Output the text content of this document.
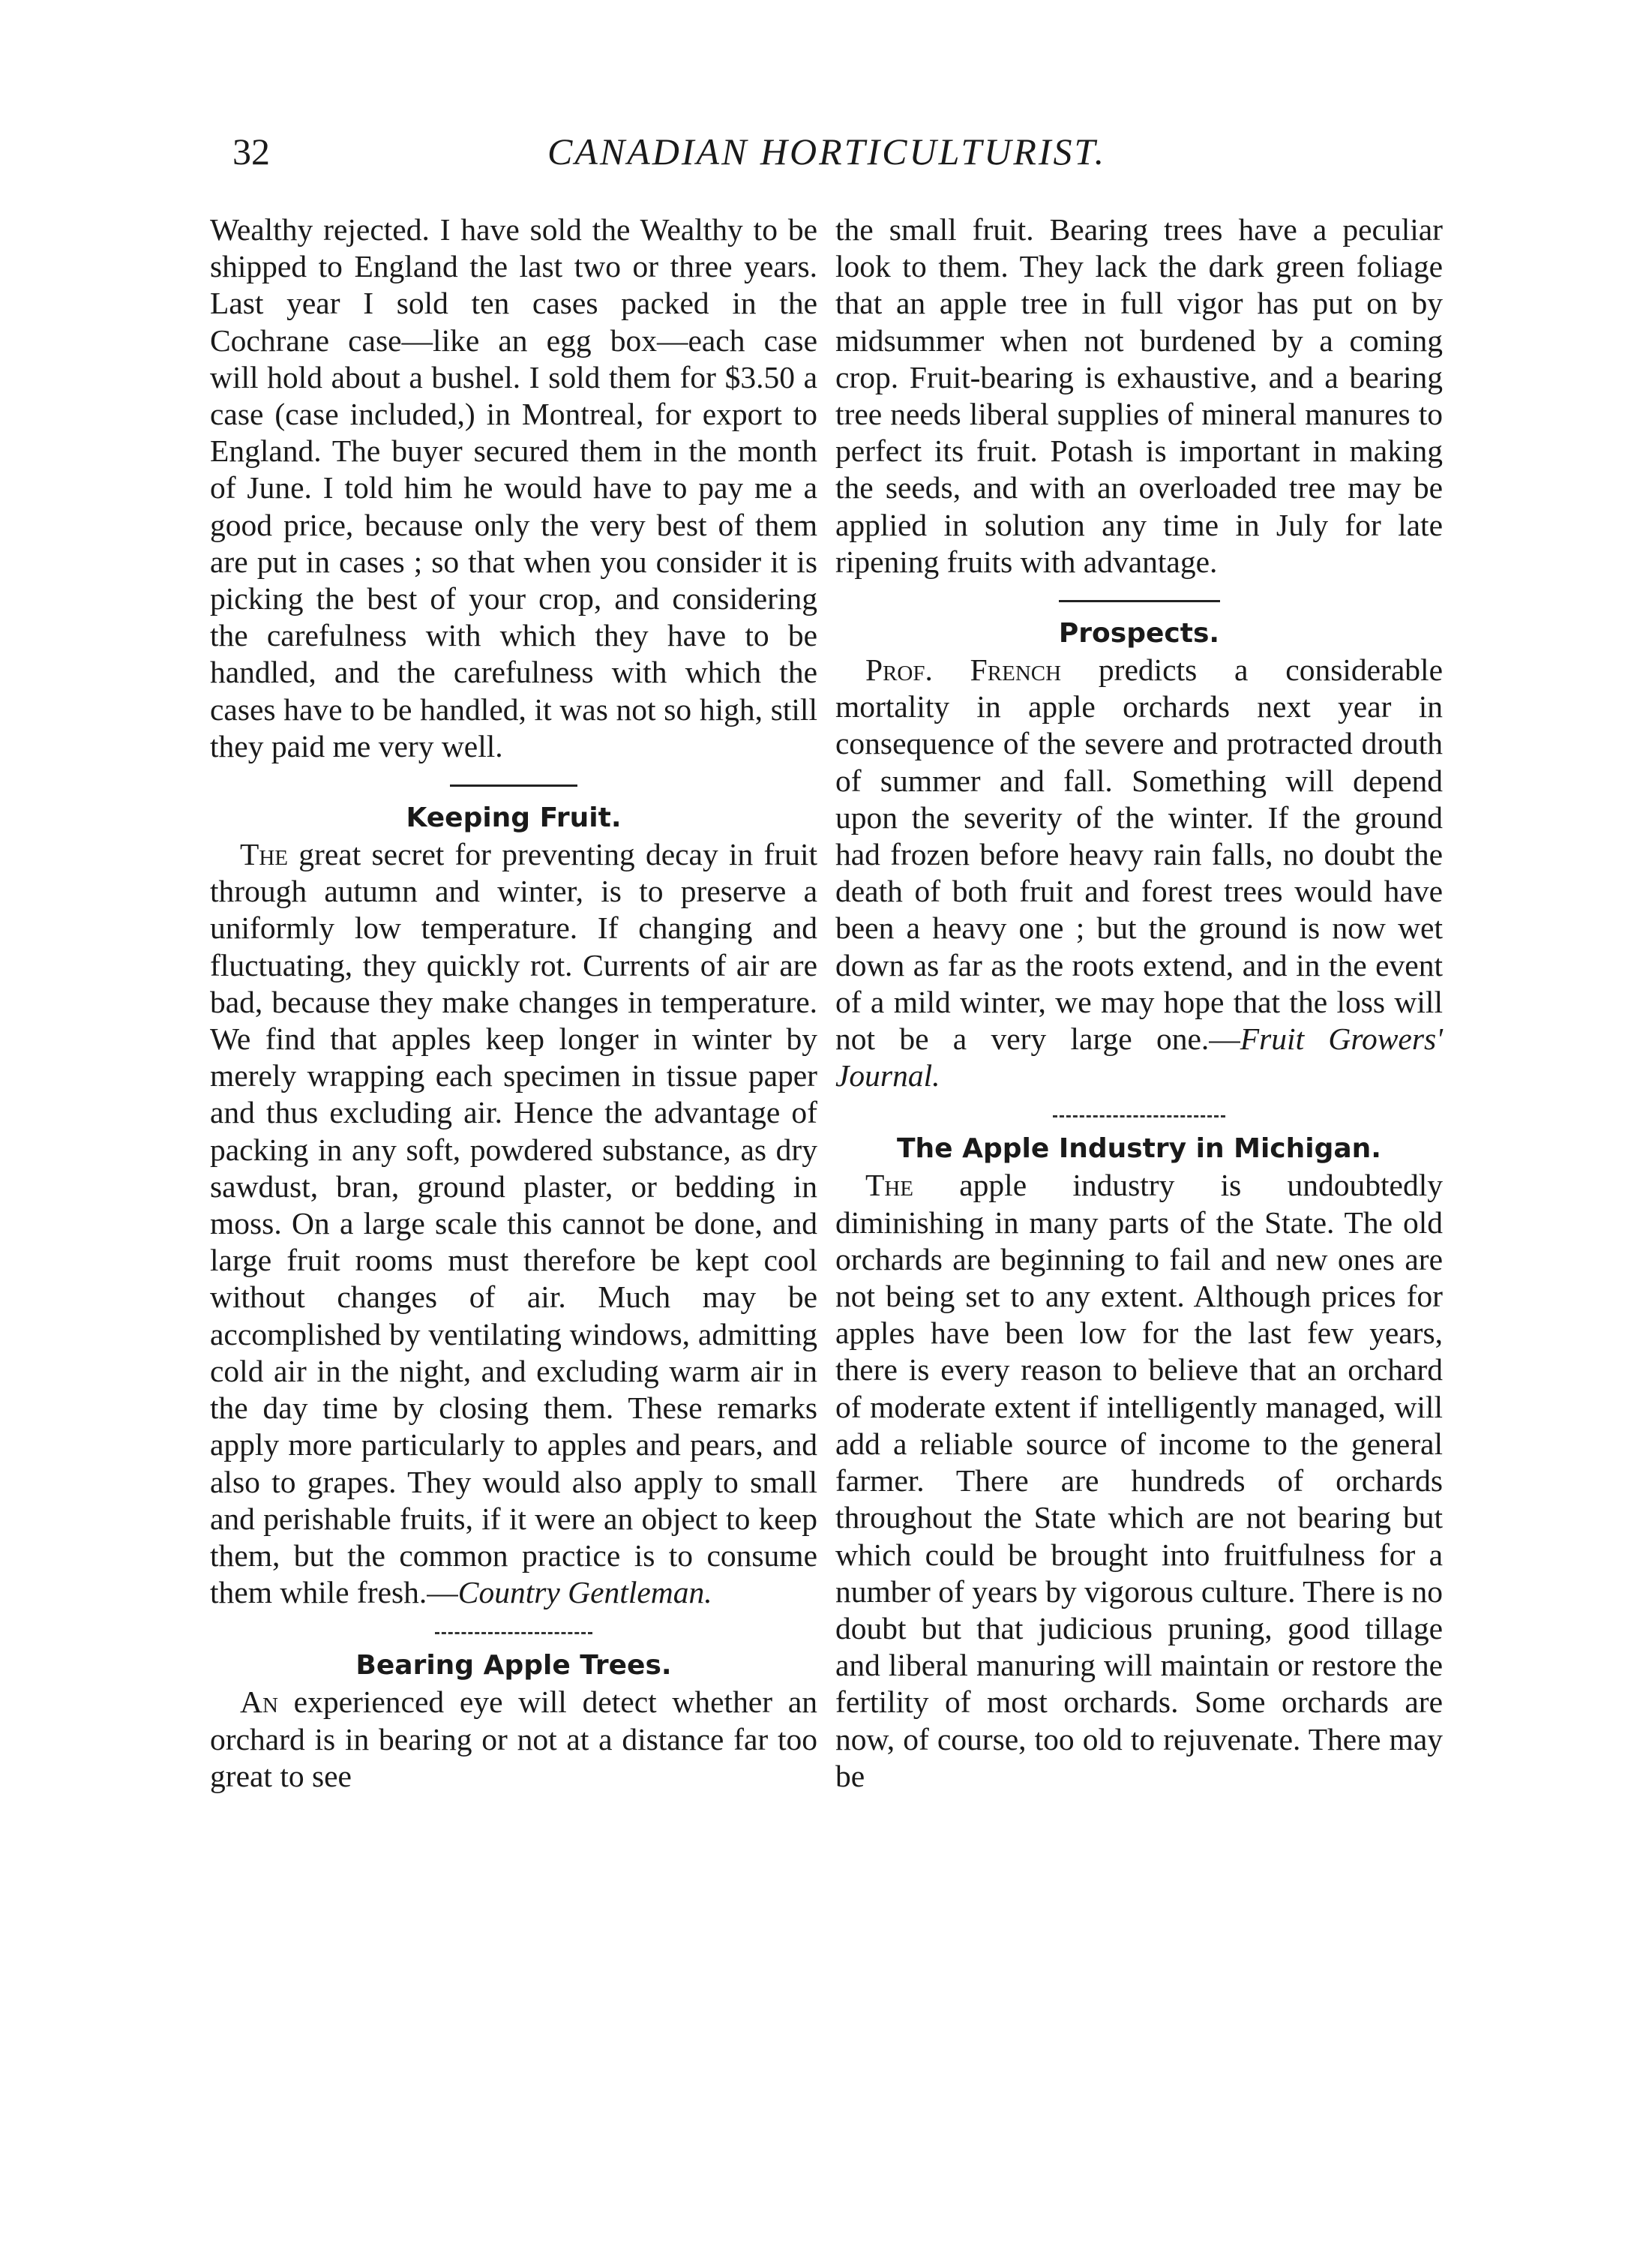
32	CANADIAN HORTICULTURIST.

Wealthy rejected. I have sold the Wealthy to be shipped to England the last two or three years. Last year I sold ten cases packed in the Cochrane case—like an egg box—each case will hold about a bushel. I sold them for $3.50 a case (case included,) in Montreal, for export to England. The buyer secured them in the month of June. I told him he would have to pay me a good price, because only the very best of them are put in cases ; so that when you consider it is picking the best of your crop, and considering the carefulness with which they have to be handled, and the carefulness with which the cases have to be handled, it was not so high, still they paid me very well.

Keeping Fruit.

The great secret for preventing decay in fruit through autumn and winter, is to preserve a uniformly low temperature. If changing and fluctuating, they quickly rot. Currents of air are bad, because they make changes in temperature. We find that apples keep longer in winter by merely wrapping each specimen in tissue paper and thus excluding air. Hence the advantage of packing in any soft, powdered substance, as dry sawdust, bran, ground plaster, or bedding in moss. On a large scale this cannot be done, and large fruit rooms must therefore be kept cool without changes of air. Much may be accomplished by ventilating windows, admitting cold air in the night, and excluding warm air in the day time by closing them. These remarks apply more particularly to apples and pears, and also to grapes. They would also apply to small and perishable fruits, if it were an object to keep them, but the common practice is to consume them while fresh.—Country Gentleman.

Bearing Apple Trees.

An experienced eye will detect whether an orchard is in bearing or not at a distance far too great to see

the small fruit. Bearing trees have a peculiar look to them. They lack the dark green foliage that an apple tree in full vigor has put on by midsummer when not burdened by a coming crop. Fruit-bearing is exhaustive, and a bearing tree needs liberal supplies of mineral manures to perfect its fruit. Potash is important in making the seeds, and with an overloaded tree may be applied in solution any time in July for late ripening fruits with advantage.

Prospects.

Prof. French predicts a considerable mortality in apple orchards next year in consequence of the severe and protracted drouth of summer and fall. Something will depend upon the severity of the winter. If the ground had frozen before heavy rain falls, no doubt the death of both fruit and forest trees would have been a heavy one ; but the ground is now wet down as far as the roots extend, and in the event of a mild winter, we may hope that the loss will not be a very large one.—Fruit Growers' Journal.

The Apple Industry in Michigan.

The apple industry is undoubtedly diminishing in many parts of the State. The old orchards are beginning to fail and new ones are not being set to any extent. Although prices for apples have been low for the last few years, there is every reason to believe that an orchard of moderate extent if intelligently managed, will add a reliable source of income to the general farmer. There are hundreds of orchards throughout the State which are not bearing but which could be brought into fruitfulness for a number of years by vigorous culture. There is no doubt but that judicious pruning, good tillage and liberal manuring will maintain or restore the fertility of most orchards. Some orchards are now, of course, too old to rejuvenate. There may be
